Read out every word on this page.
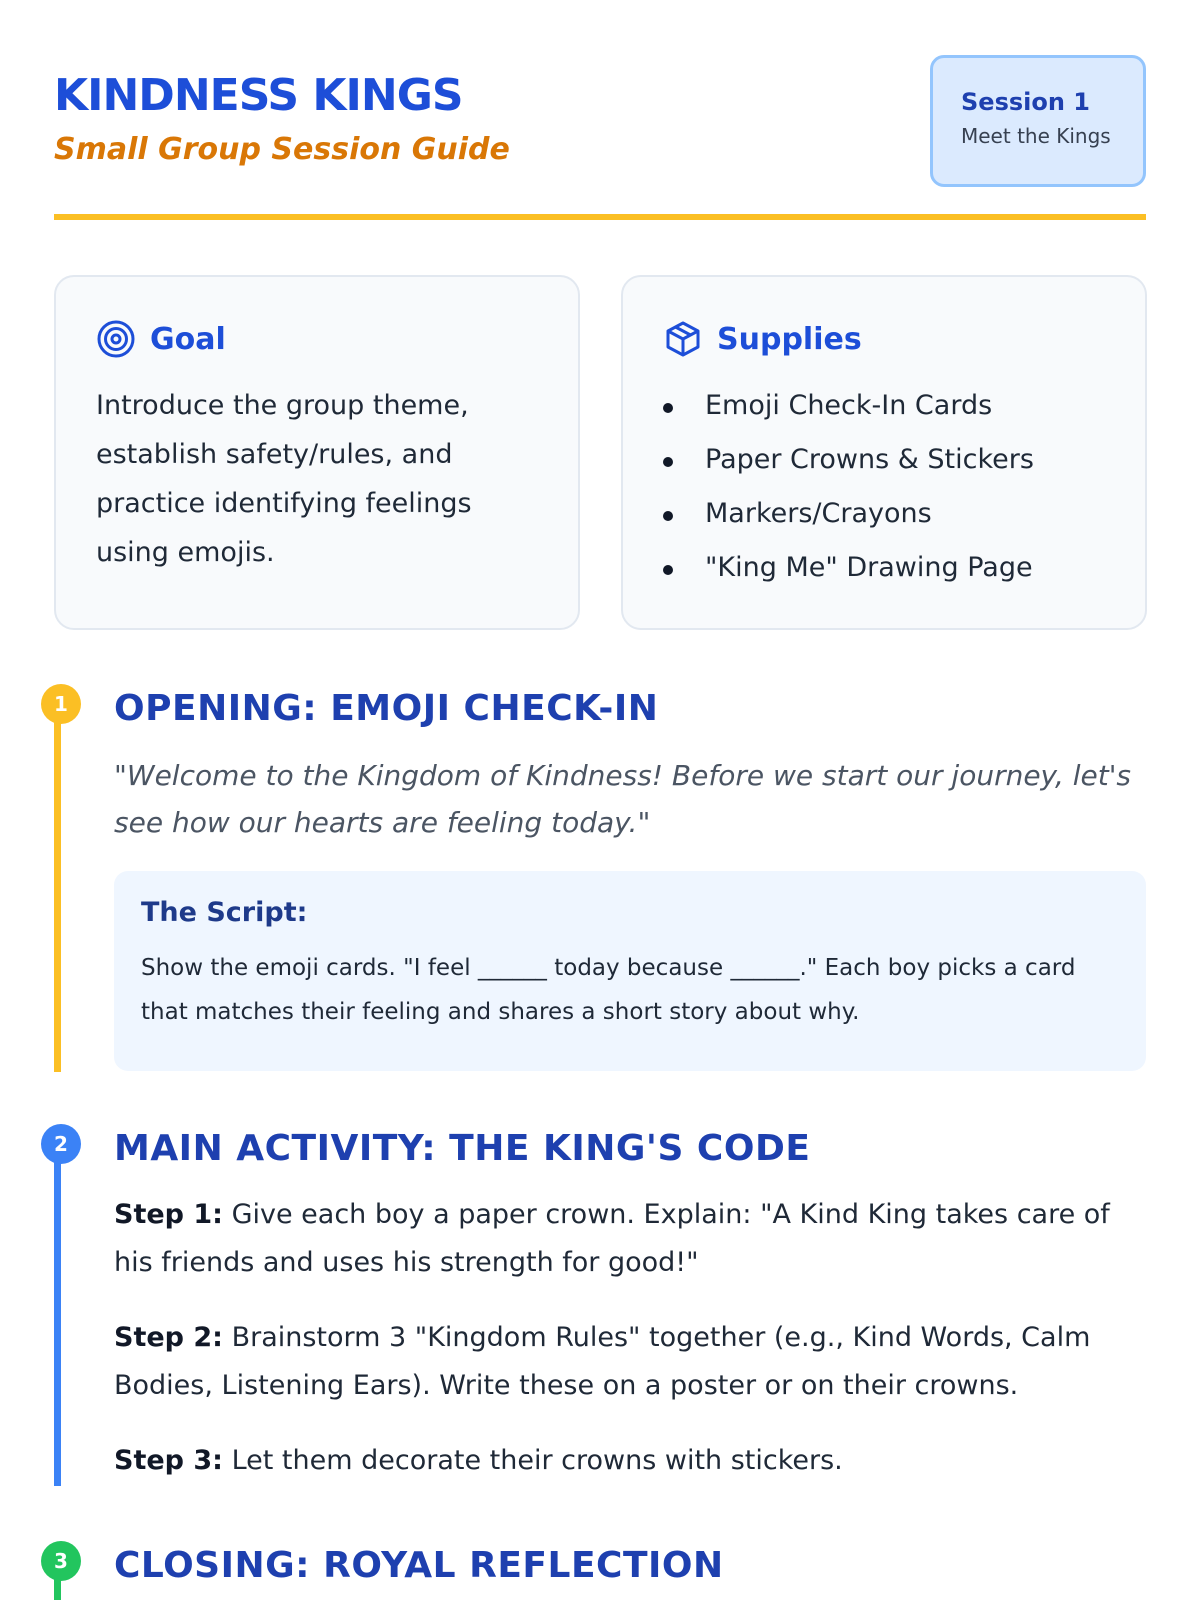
KINDNESS KINGS
Small Group Session Guide
Session 1
Meet the Kings
Goal
Introduce the group theme, establish safety/rules, and practice identifying feelings using emojis.
Supplies
Emoji Check-In Cards
Paper Crowns & Stickers
Markers/Crayons
"King Me" Drawing Page
1	OPENING: EMOJI CHECK-IN
"Welcome to the Kingdom of Kindness! Before we start our journey, let's see how our hearts are feeling today."
The Script:
Show the emoji cards. "I feel ______ today because ______." Each boy picks a card that matches their feeling and shares a short story about why.
2	MAIN ACTIVITY: THE KING'S CODE
Step 1: Give each boy a paper crown. Explain: "A Kind King takes care of his friends and uses his strength for good!"
Step 2: Brainstorm 3 "Kingdom Rules" together (e.g., Kind Words, Calm Bodies, Listening Ears). Write these on a poster or on their crowns.
Step 3: Let them decorate their crowns with stickers.
3	CLOSING: ROYAL REFLECTION
